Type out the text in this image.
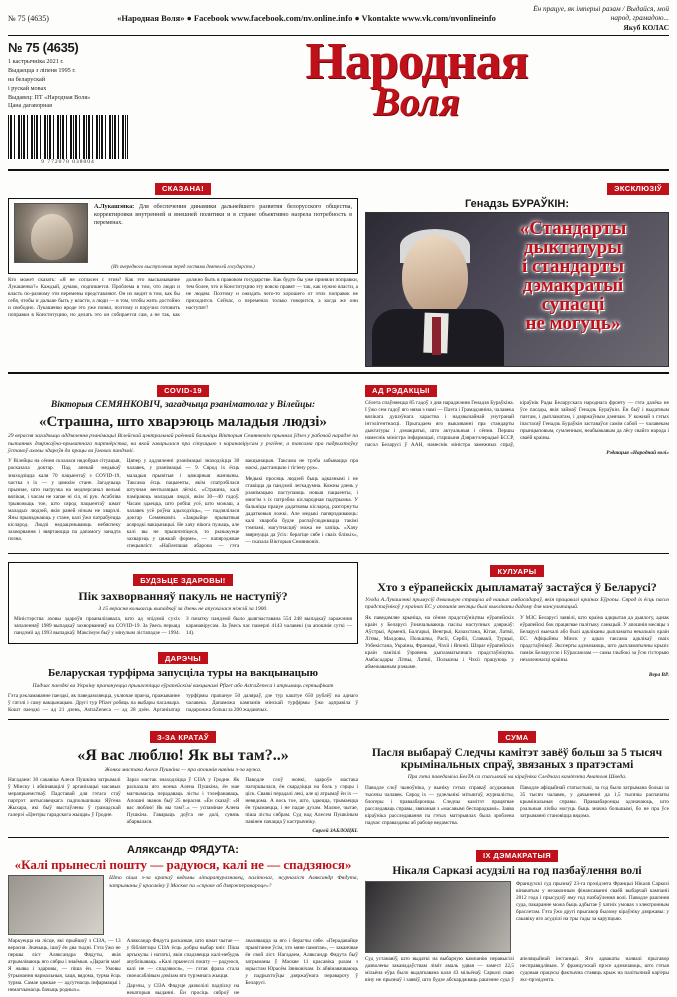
№ 75 (4635)	«Народная Воля» ● Facebook www.facebook.com/nv.online.info ● Vkontakte www.vk.com/nvonlineinfo
Ён працуе, як імперыі разам / Выдайся, мой народ, грамадою...
Якуб КОЛАС
№ 75 (4635)
1 кастрычніка 2021 г.
Выдаецца з ліпеня 1995 г.
на беларускай
і рускай мовах
Выдавец: ПТ «Народная Воля»
Цана дагаворная
9 772070 038004
Народная
Воля
СКАЗАНА!
А.Лукашэнка: Для обеспечения динамики дальнейшего развития белорусского общества, корректировки внутренней и внешней политики и в стране объективно назрела потребность в переменах.
(Из очередного выступления перед гостями деятелей государств.)

Кто может сказать: «Я не согласен с этим? Как это высказывание Лукашенко?» Каждый, думаю, подпишется. Проблема в том, что люди и власть по-разному эти перемены представляют. Он их видит в том, как бы себя, чтобы и дальше быть у власти, а люди — в том, чтобы жить достойно и свободно. Лукашенко вроде это уже понял, поэтому и поручил готовить поправки в Конституцию, но делать это он собирается сам, а не так, как должно быть в правовом государстве. Как будто бы уже приняли поправки, тем более, что и Конституцию эту вовсю правят — так, как нужно власти, а не людям. Поэтому и ожидать чего-то хорошего от этих поправок не приходится. Сейчас, о переменах только говорится, а когда же они наступят?

ЭКСКЛЮЗІЎ
Генадзь БУРАЎКІН:
«Стандарты
дыктатуры
і стандарты
дэмакратыі
супасці
не могуць»
COVID-19
Вікторыя СЕМЯНКОВІЧ, загадчыца рэаніматолаг у Вілейцы:
«Страшна, што хварэюць маладыя людзі»

29 верасня загадчыца аддзялення рэанімацыі Вілейскай цэнтральнай раённай бальніцы Вікторыя Семянковіч прыняла ўдзел у рабочай нарадзе па пытаннях дзяржаўна-прыватнага партнёрства, на якой гаварылася пра сітуацыю з каранавірусам у рэгіёне, а таксама пра падрыхтоўку ўстаноў аховы здароўя да працы ва ўмовах пандэміі.

У Вілейцы на сёння склалася нядобрая сітуацыя, расказала доктар. Пад апекай медыкаў знаходзіцца каля 70 пацыентаў з COVID-19, частка з іх — у цяжкім стане. Загадчыца прызнае, што нагрузка на медперсанал вельмі вялікая, і часам не хапае ні сіл, ні рук. Асабліва трывожыць тое, што сярод пацыентаў шмат маладых людзей, якія раней нічым не хварэлі. Яны прыязджаюць у стане, калі ўжо патрабуецца кісларод. Людзі недаацэньваюць небяспеку захворвання і звяртаюцца па дапамогу занадта позна.

Цяпер у аддзяленні рэанімацыі знаходзіцца 30 чалавек, у рэанімацыі — 9. Сярод іх ёсць маладыя прывітыя і цяжарныя жанчыны. Таксама ёсць пацыенты, якім спатрэбілася штучная вентыляцыя лёгкіх. «Страшна, калі паміраюць маладыя людзі, якім 30—40 гадоў. Часам здаецца, што робіш усё, што можаш, а чалавек усё роўна адыходзіць», — падзялілася доктар Семянковіч. «Закрыйце прыватныя асяродкі вакцынацыі. Не хачу нікога пужаць, але калі вы не прышчэпіцеся, то рызыкуеце захварэць у цяжкай форме», — папярэджвае спецыяліст. «Найлепшая абарона — гэта вакцынацыя. Таксама не трэба забывацца пра маскі, дыстанцыю і гігіену рук».

Медыкі просяць людзей быць адказнымі і не ставіцца да пандэміі легкадумна. Кожны дзень у рэанімацыю паступаюць новыя пацыенты, і многім з іх патрэбна кіслародная падтрымка. У бальніцы працуе дадатковы кісларод, разгорнуты дадатковыя ложкі. Але медыкі папярэджваюць: калі хвароба будзе распаўсюджвацца такімі тэмпамі, магутнасцяў можа не хапіць. «Хачу звярнуцца да ўсіх: берагіце сябе і сваіх блізкіх», — сказала Вікторыя Семянковіч.

АД РЭДАКЦЫІ

Сёлета спаўняецца 85 гадоў з дня нараджэння Генадзя Бураўкіна. І ўжо сем гадоў яго няма з намі — Паэта і Грамадзяніна, чалавека вялікага душэўнага хараства і надзвычайнай унутранай інтэлігентнасці. Прыгадаем яго выказванні пра стандарты дыктатуры і дэмакратыі, што актуальныя і сёння. Першы намеснік міністра інфармацыі, старшыня Дзяржтэлерадыё БССР, пасол Беларусі ў ААН, намеснік міністра замежных спраў, кіраўнік Рады Беларускага народнага фронту — гэта далёка не ўсе пасады, якія займаў Генадзь Бураўкін. Ён быў і выдатным паэтам, і дыпламатам, і дзяржаўным дзеячам. У кожнай з гэтых іпастасяў Генадзь Бураўкін заставаўся самім сабой — чалавекам прынцыповым, сумленным, неабыякавым да лёсу свайго народа і сваёй краіны.

Рэдакцыя «Народнай волі»
БУДЗЬЦЕ ЗДАРОВЫ!
Пік захворванняў пакуль не наступіў?

З 15 верасня колькасць выпадкаў за дзень не апускалася ніжэй за 1900.

Міністэрства аховы здароўя прааналізавала, што ад эпідэміі сухіх запаленняў 1989 выпадкаў захворванняў на COVID-19. За ўвесь перыяд пандэміі ад 1993 выпадкаў. Максімум быў у мінулым лістападзе — 1994. З пачатку пандэміі было дыягнаставана 554 248 выпадкаў заражэння каранавірусам. За ўвесь час памерлі 4143 чалавекі (за апошнія суткі — 14).

ДАРЭЧЫ
Беларуская турфірма запусціла туры на вакцынацыю

Падчас паездкі ва Украіну прапануецца прышчэпіцца еўрапейскімі вакцынамі Pfizer або AstraZeneca і атрымаць сертыфікат

Гэта рэкламаванне паездкі, як паведамляецца, уключае праезд, пражыванне ў гатэлі і саму вакцынацыю. Другі тур Pfizer робяць па выбары пасажыра. Кошт паездкі — ад 21 дзень, AstraZeneca — ад 28 дзён. Арганізатар турфірмы прапануе 50 даляраў, дзе тур каштуе 650 рублёў на аднаго чалавека. Дапаможа кампанія мінскай турфірмы ўжо адправіла ў падарожжа больш за 200 жадаючых.

КУЛУАРЫ
Хто з еўрапейскіх дыпламатаў застаўся ў Беларусі?

Угода А.Лукашэнкі прымусіў дэвальвую страціла ад нашых амбасадараў, якія працавалі краінах Еўропы. Сярод іх ёсць пасол прадстаўнікоў у краінах ЕС у апошнія месяцы былі выкліканы дадому для кансультацый.

Як паведамляе крыніца, на сёння прадстаўніцтвы еўрапейскіх краін у Беларусі ўзначальваюць паслы наступных дзяржаў: Аўстрыі, Арменіі, Балгарыі, Венгрыі, Казахстана, Кітая, Латвіі, Літвы, Малдовы, Польшчы, Расіі, Сербіі, Славакіі, Турцыі, Узбекістана, Украіны, Францыі, Чэхіі і Японіі. Шэраг еўрапейскіх краін панізілі ўзровень дыпламатычнага прадстаўніцтва. Амбасадары Літвы, Латвіі, Польшчы і Чэхіі працуюць у абмежаваным рэжыме.

У МЗС Беларусі заявілі, што краіна адкрытая да дыялогу, аднак еўрапейскі бок працягвае палітыку санкцый. У апошнія месяцы з Беларусі выехалі або былі адкліканы дыпламаты некалькіх краін ЕС. Афіцыйны Мінск у адказ таксама адклікаў сваіх прадстаўнікоў. Эксперты адзначаюць, што дыпламатычны крызіс паміж Беларуссю і Еўрасаюзам — самы глыбокі за ўсю гісторыю незалежнасці краіны.

Вера ВР.
З-ЗА КРАТАЎ
«Я вас люблю! Як вы там?..»

Жонка мастака Алеся Пушкіна — пра апошнія навіны з-за мужа.

Нагадаем: 30 сакавіка Алеся Пушкіна затрымалі ў Мінску і абвінавацілі ў арганізацыі масавых мерапрыемстваў. Падставай для гэтага стаў партрэт антысавецкага падпольшчыка Яўгена Жыхара, які быў выстаўлены ў грамадскай галерэі «Цэнтры гарадскога жыцця» ў Гродне.

Зараз мастак знаходзіцца ў СІЗА у Гродне. Як расказала яго жонка Алена Пушкіна, ён мае магчымасць перадаваць лісты і тэлефанаваць. Апошні званок быў 25 верасня. «Ён сказаў: «Я вас люблю! Як вы там?..» — успамінае Алена Пушкіна. Гаварыць доўга не далі, сувязь абарвалася.

Паводле слоў жонкі, здароўе мастака пагоршылася, ён скардзіцца на боль у сэрцы і ціск. Сваякі перадалі лекі, але ці атрымаў ён іх — невядома. А вось тое, што, здаецца, трымаецца ён трымаецца, і не падае духам. Малюе, чытае, піша лісты сябрам. Суд над Алесем Пушкіным павінен пачацца ў кастрычніку.

Сяргей ЗАБЛОЦКІ.
СУМА
Пасля выбараў Следчы камітэт завёў больш за 5 тысяч крымінальных спраў, звязаных з пратэстамі

Пра гэта паведаміла БелТА са спасылкай на кіраўніка Следчага камітэта Анатоля Шведа.

Паводле слоў чыноўніка, у выніку гэтых справаў асуджаныя тысячы чалавек. Сярод іх — удзельнікі мітынгаў, журналісты, блогеры і праваабаронцы. Следчы камітэт працягвае расследаваць справы, звязаныя з «масавымі беспарадкамі». Заява кіраўніка расследавання па гэтых матэрыялах была зроблена падчас справаздачы аб рабоце ведамства.

Паводле афіцыйнай статыстыкі, за год было затрымана больш за 35 тысяч чалавек, у дачыненні да 1,5 тысячы распачаты крымінальныя справы. Праваабаронцы адзначаюць, што рэальныя лічбы могуць быць значна большымі, бо не пра ўсе затрыманні становіцца вядома.

Аляксандр ФЯДУТА:
«Калі прынеслі пошту — радуюся, калі не — спадзяюся»

Што піша з-за кратаў вядомы літаратуразнавец, палітолаг, журналіст Аляксандр Фядута, затрыманы ў красавіку ў Маскве па «справе аб дзяржперавароце»?

Маркуецца на лісце, які прыйшоў з СІЗА, — 13 верасня. Значыць, ішоў ён два тыдні. Гэта ўжо не першы ліст Аляксандра Фядуты, якія атрымліваюць яго сябры і знаёмыя. «Дарагія мае! Я жывы і здаровы, — піша ён. — Умовы ўтрымання нармальныя, хаця, вядома, турма ёсць турма. Самае цяжкае — адсутнасць інфармацыі і немагчымасць бачыць родных».

Аляксандр Фядута расказвае, што шмат чытае — у бібліятэцы СІЗА ёсць добры выбар кніг. Піша артыкулы і нататкі, якія спадзяецца калі-небудзь апублікаваць. «Калі прынеслі пошту — радуюся, калі не — спадзяюся», — гэтая фраза стала своеасаблівым дэвізам яго турэмнага жыцця.

Дарэчы, у СІЗА Фядуце дазволілі падпіску на некаторыя выданні. Ён просіць сяброў не хвалявацца за яго і берагчы сябе. «Перадавайце прывітанне ўсім, хто мяне памятае», — заканчвае ён свой ліст. Нагадаем, Аляксандр Фядута быў затрыманы ў Маскве 11 красавіка разам з юрыстам Юрасём Зянковічам. Іх абвінавачваюць у падрыхтоўцы дзяржаўнага перавароту ў Беларусі.

ІХ ДЭМАКРАТЫЯ
Нікаля Сарказі асудзілі на год пазбаўлення волі

Французскі суд прызнаў 23-га прэзідэнта Францыі Нікаля Саркозі вінаватым у незаконным фінансаванні сваёй выбарчай кампаніі 2012 года і прысудзіў яму год пазбаўлення волі. Паводле рашэння суда, пакаранне можа быць адбытае ў хатніх умовах з электронным браслетам. Гэта ўжо другі прыгавор былому кіраўніку дзяржавы: у сакавіку яго асудзілі на тры гады за карупцыю.

Суд устанавіў, што выдаткі на выбарчую кампанію перавысілі дазволены заканадаўствам ліміт амаль удвая — замест 22,5 мільёна еўра было выдаткавана каля 43 мільёнаў. Саркозі сваю віну не прызнаў і заявіў, што будзе абскарджваць рашэнне суда ў апеляцыйнай інстанцыі. Яго адвакаты назвалі прыгавор несправядлівым. У французскай прэсе адзначаюць, што гэтыя судовыя працэсы фактычна ставяць крыж на палітычнай кар'еры экс-прэзідэнта.
